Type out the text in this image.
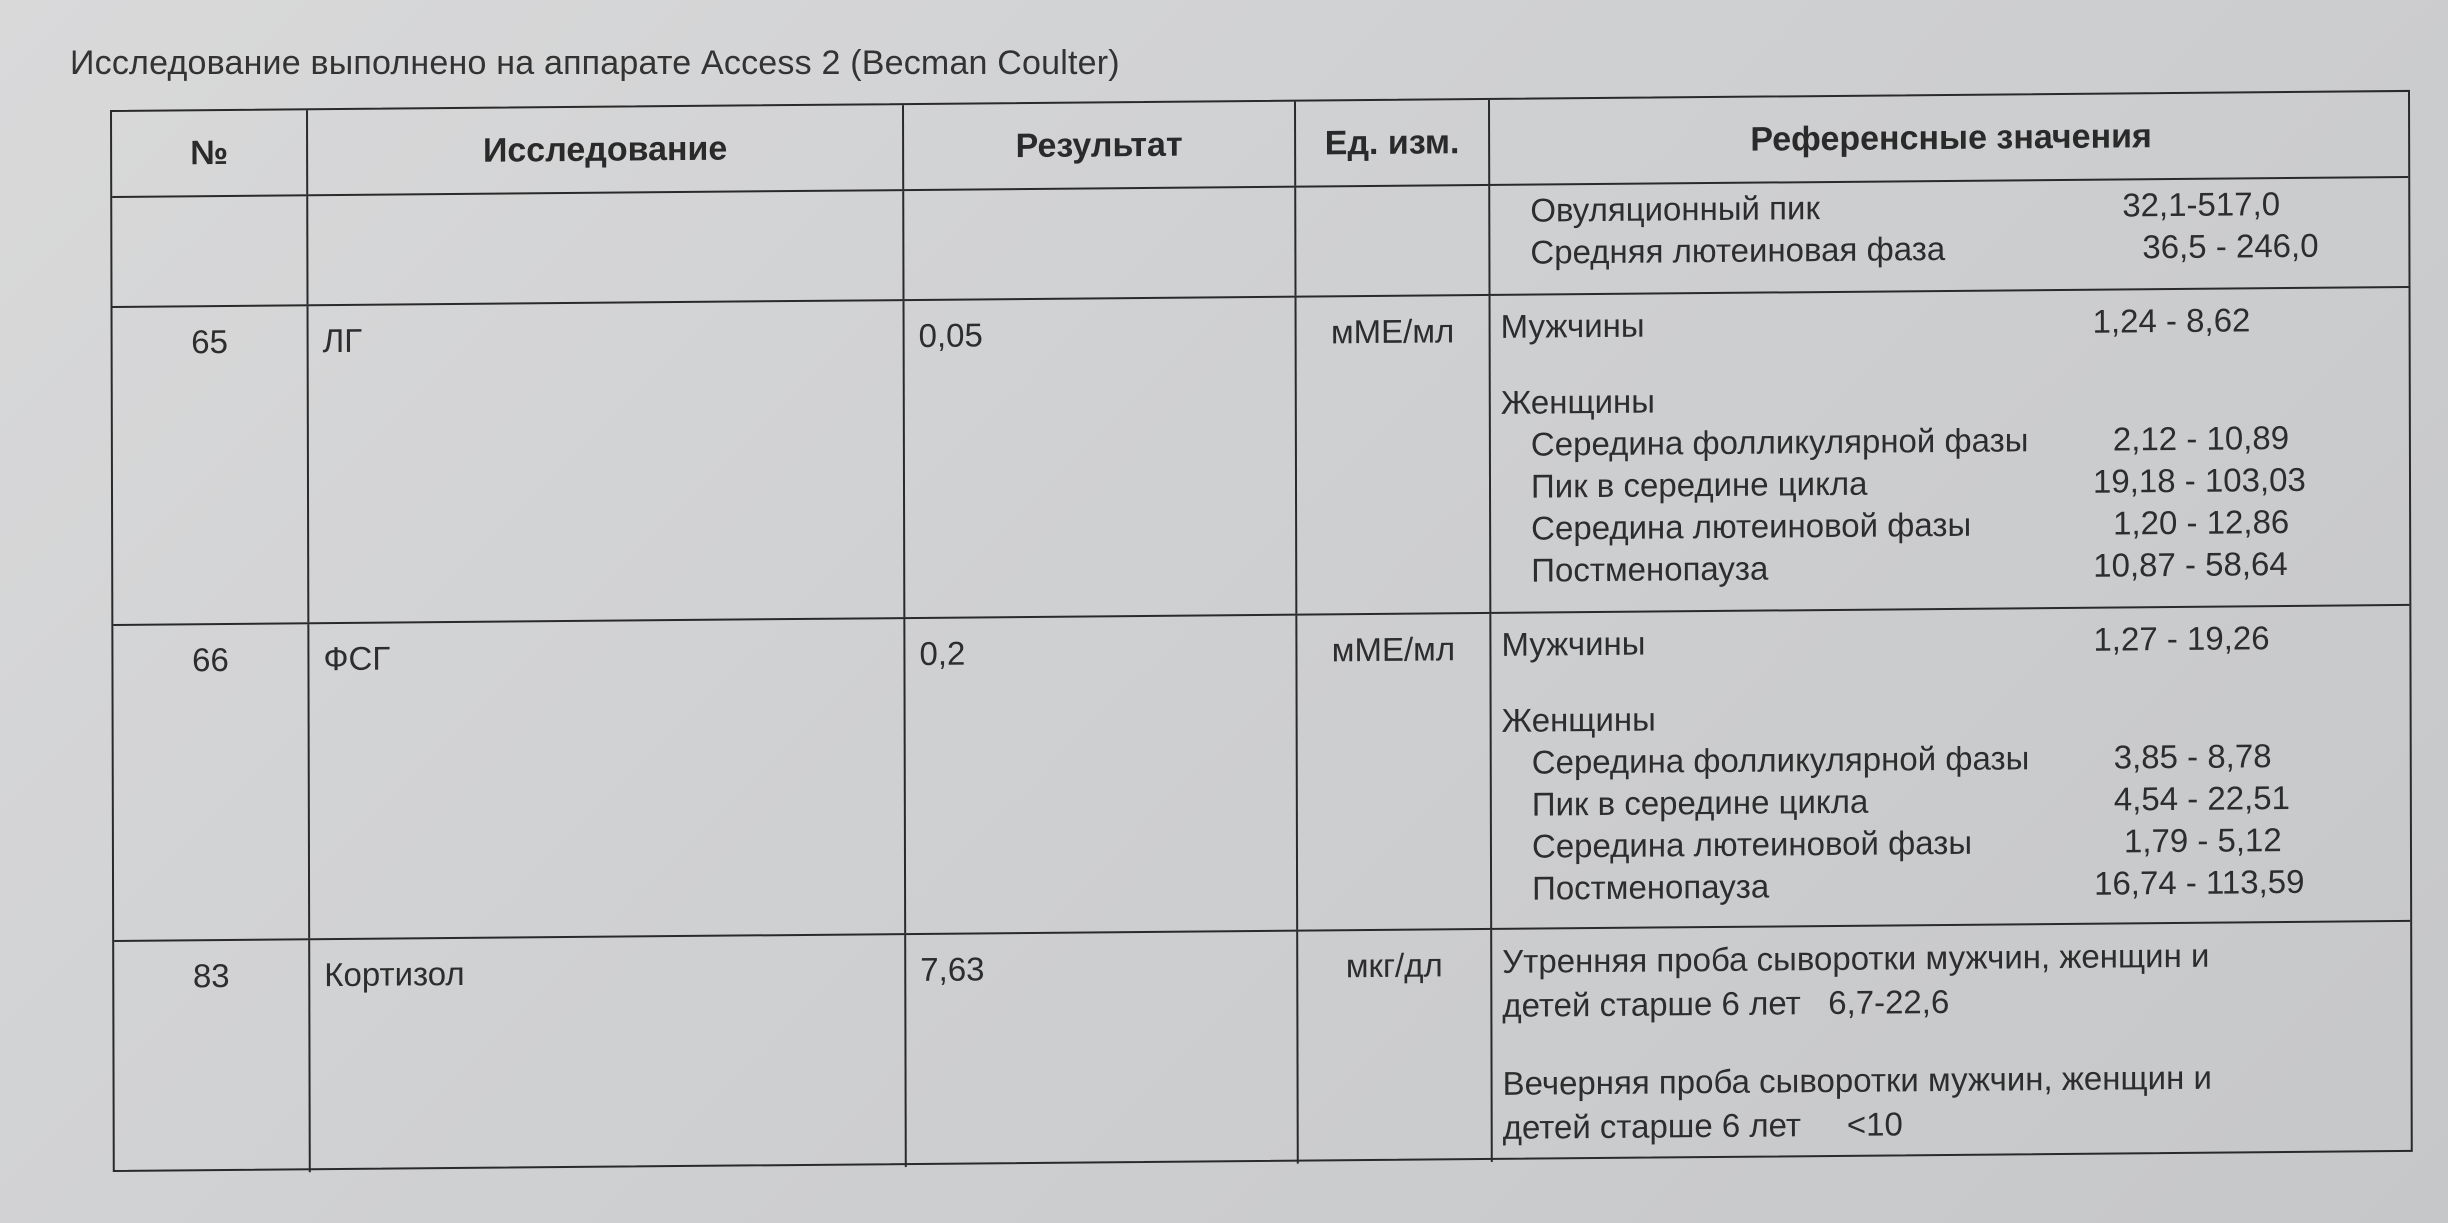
Исследование выполнено на аппарате Access 2 (Becman Coulter)
№	Исследование	Результат	Ед. изм.	Референсные значения
Овуляционный пик	32,1-517,0
Средняя лютеиновая фаза	36,5 - 246,0
65	ЛГ	0,05	мМЕ/мл	Мужчины	1,24 - 8,62
Женщины
Середина фолликулярной фазы	2,12 - 10,89
Пик в середине цикла	19,18 - 103,03
Середина лютеиновой фазы	1,20 - 12,86
Постменопауза	10,87 - 58,64
66	ФСГ	0,2	мМЕ/мл	Мужчины	1,27 - 19,26
Женщины
Середина фолликулярной фазы	3,85 - 8,78
Пик в середине цикла	4,54 - 22,51
Середина лютеиновой фазы	1,79 - 5,12
Постменопауза	16,74 - 113,59
83	Кортизол	7,63	мкг/дл	Утренняя проба сыворотки мужчин, женщин и
детей старше 6 лет   6,7-22,6
Вечерняя проба сыворотки мужчин, женщин и
детей старше 6 лет     <10
